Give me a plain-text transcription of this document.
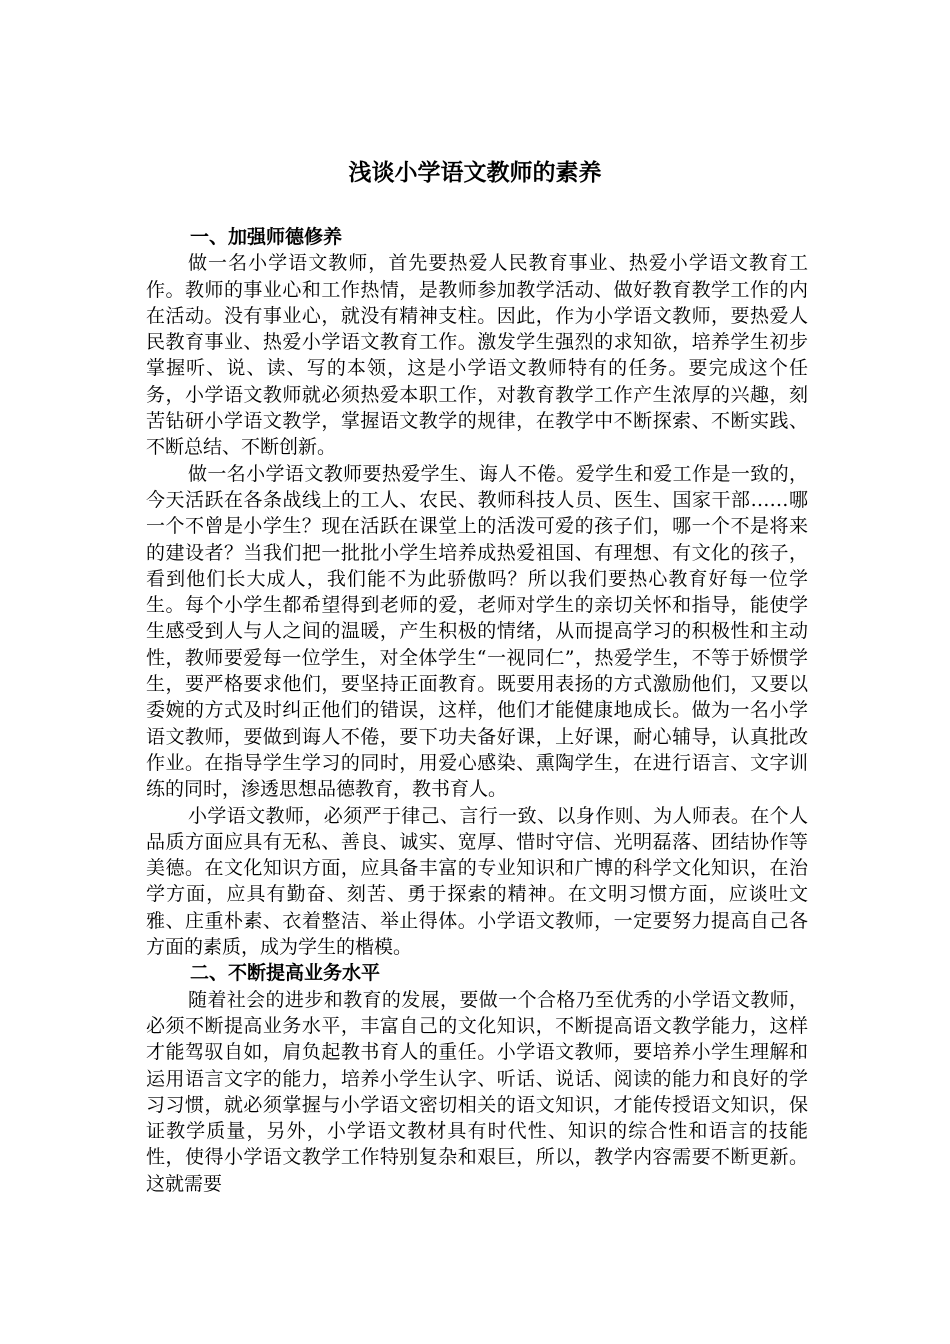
浅谈小学语文教师的素养

一、加强师德修养

做一名小学语文教师，首先要热爱人民教育事业、热爱小学语文教育工作。教师的事业心和工作热情，是教师参加教学活动、做好教育教学工作的内在活动。没有事业心，就没有精神支柱。因此，作为小学语文教师，要热爱人民教育事业、热爱小学语文教育工作。激发学生强烈的求知欲，培养学生初步掌握听、说、读、写的本领，这是小学语文教师特有的任务。要完成这个任务，小学语文教师就必须热爱本职工作，对教育教学工作产生浓厚的兴趣，刻苦钻研小学语文教学，掌握语文教学的规律，在教学中不断探索、不断实践、不断总结、不断创新。

做一名小学语文教师要热爱学生、诲人不倦。爱学生和爱工作是一致的，今天活跃在各条战线上的工人、农民、教师科技人员、医生、国家干部……哪一个不曾是小学生？现在活跃在课堂上的活泼可爱的孩子们，哪一个不是将来的建设者？当我们把一批批小学生培养成热爱祖国、有理想、有文化的孩子，看到他们长大成人，我们能不为此骄傲吗？所以我们要热心教育好每一位学生。每个小学生都希望得到老师的爱，老师对学生的亲切关怀和指导，能使学生感受到人与人之间的温暖，产生积极的情绪，从而提高学习的积极性和主动性，教师要爱每一位学生，对全体学生“一视同仁”，热爱学生，不等于娇惯学生，要严格要求他们，要坚持正面教育。既要用表扬的方式激励他们，又要以委婉的方式及时纠正他们的错误，这样，他们才能健康地成长。做为一名小学语文教师，要做到诲人不倦，要下功夫备好课，上好课，耐心辅导，认真批改作业。在指导学生学习的同时，用爱心感染、熏陶学生，在进行语言、文字训练的同时，渗透思想品德教育，教书育人。

小学语文教师，必须严于律己、言行一致、以身作则、为人师表。在个人品质方面应具有无私、善良、诚实、宽厚、惜时守信、光明磊落、团结协作等美德。在文化知识方面，应具备丰富的专业知识和广博的科学文化知识，在治学方面，应具有勤奋、刻苦、勇于探索的精神。在文明习惯方面，应谈吐文雅、庄重朴素、衣着整洁、举止得体。小学语文教师，一定要努力提高自己各方面的素质，成为学生的楷模。

二、不断提高业务水平

随着社会的进步和教育的发展，要做一个合格乃至优秀的小学语文教师，必须不断提高业务水平，丰富自己的文化知识，不断提高语文教学能力，这样才能驾驭自如，肩负起教书育人的重任。小学语文教师，要培养小学生理解和运用语言文字的能力，培养小学生认字、听话、说话、阅读的能力和良好的学习习惯，就必须掌握与小学语文密切相关的语文知识，才能传授语文知识，保证教学质量，另外，小学语文教材具有时代性、知识的综合性和语言的技能性，使得小学语文教学工作特别复杂和艰巨，所以，教学内容需要不断更新。这就需要
